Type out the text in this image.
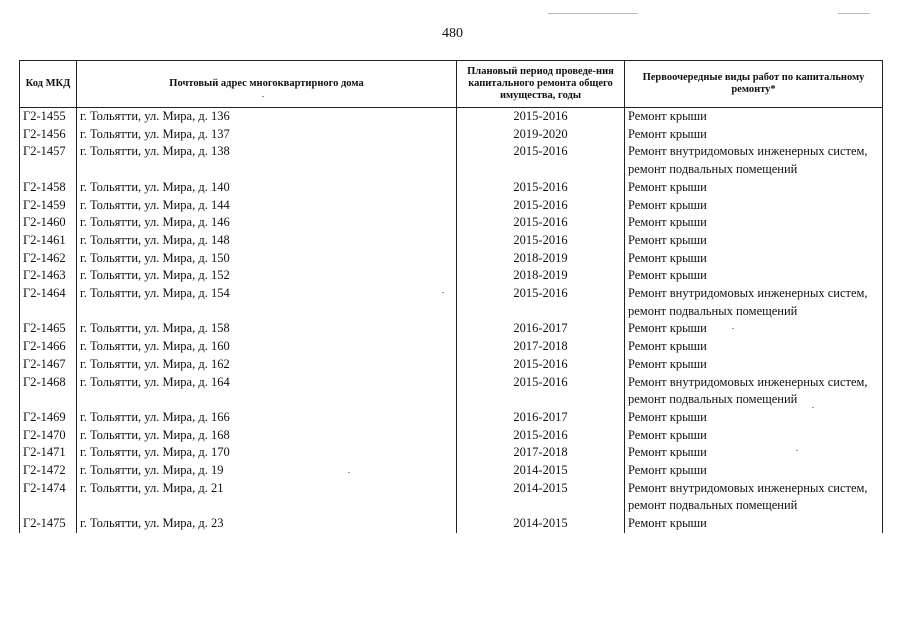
480
Код МКД	Почтовый адрес многоквартирного дома	Плановый период проведе-ния капитального ремонта общего имущества, годы	Первоочередные виды работ по капитальному ремонту*
Г2-1455	г. Тольятти, ул. Мира, д. 136	2015-2016	Ремонт крыши

Г2-1456	г. Тольятти, ул. Мира, д. 137	2019-2020	Ремонт крыши

Г2-1457	г. Тольятти, ул. Мира, д. 138	2015-2016	Ремонт внутридомовых инженерных систем,
ремонт подвальных помещений

Г2-1458	г. Тольятти, ул. Мира, д. 140	2015-2016	Ремонт крыши

Г2-1459	г. Тольятти, ул. Мира, д. 144	2015-2016	Ремонт крыши

Г2-1460	г. Тольятти, ул. Мира, д. 146	2015-2016	Ремонт крыши

Г2-1461	г. Тольятти, ул. Мира, д. 148	2015-2016	Ремонт крыши

Г2-1462	г. Тольятти, ул. Мира, д. 150	2018-2019	Ремонт крыши

Г2-1463	г. Тольятти, ул. Мира, д. 152	2018-2019	Ремонт крыши

Г2-1464	г. Тольятти, ул. Мира, д. 154	2015-2016	Ремонт внутридомовых инженерных систем,
ремонт подвальных помещений

Г2-1465	г. Тольятти, ул. Мира, д. 158	2016-2017	Ремонт крыши

Г2-1466	г. Тольятти, ул. Мира, д. 160	2017-2018	Ремонт крыши

Г2-1467	г. Тольятти, ул. Мира, д. 162	2015-2016	Ремонт крыши

Г2-1468	г. Тольятти, ул. Мира, д. 164	2015-2016	Ремонт внутридомовых инженерных систем,
ремонт подвальных помещений

Г2-1469	г. Тольятти, ул. Мира, д. 166	2016-2017	Ремонт крыши

Г2-1470	г. Тольятти, ул. Мира, д. 168	2015-2016	Ремонт крыши

Г2-1471	г. Тольятти, ул. Мира, д. 170	2017-2018	Ремонт крыши

Г2-1472	г. Тольятти, ул. Мира, д. 19	2014-2015	Ремонт крыши

Г2-1474	г. Тольятти, ул. Мира, д. 21	2014-2015	Ремонт внутридомовых инженерных систем,
ремонт подвальных помещений

Г2-1475	г. Тольятти, ул. Мира, д. 23	2014-2015	Ремонт крыши
